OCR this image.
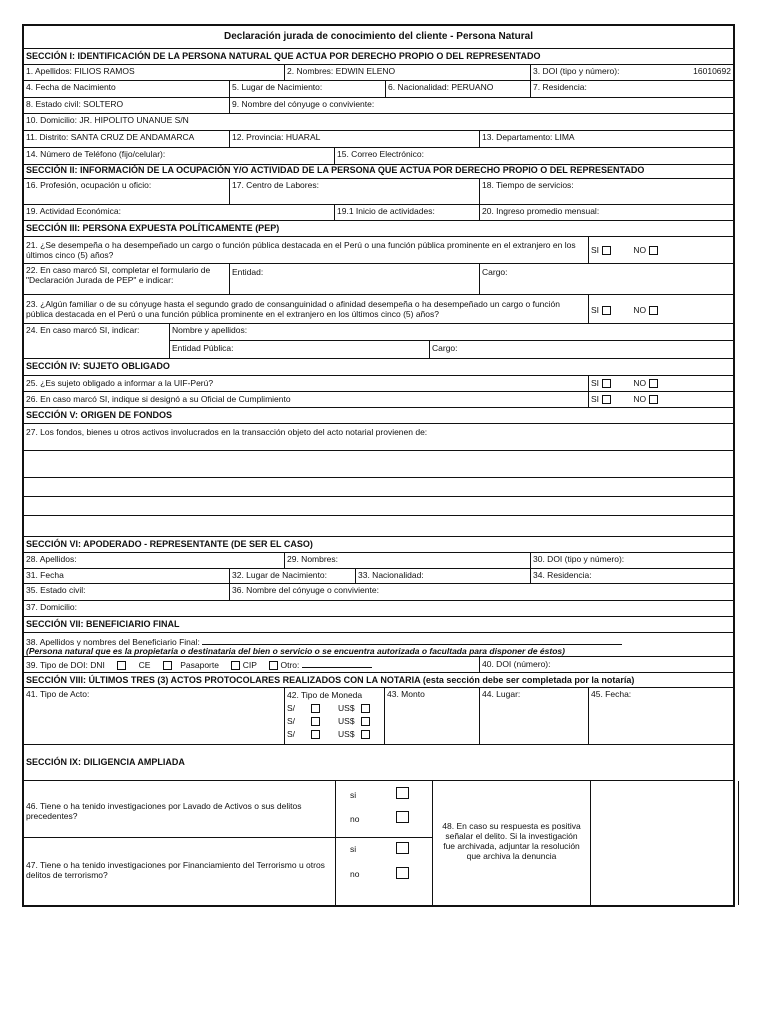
Declaración jurada de conocimiento del cliente - Persona Natural
SECCIÓN I: IDENTIFICACIÓN DE LA PERSONA NATURAL QUE ACTUA POR DERECHO PROPIO O DEL REPRESENTADO
1. Apellidos: FILIOS RAMOS	2. Nombres: EDWIN ELENO	3. DOI (tipo y número):	16010692
4. Fecha de Nacimiento	5. Lugar de Nacimiento:	6. Nacionalidad: PERUANO	7. Residencia:
8. Estado civil: SOLTERO	9. Nombre del cónyuge o conviviente:
10. Domicilio: JR. HIPOLITO UNANUE S/N
11. Distrito: SANTA CRUZ DE ANDAMARCA	12. Provincia: HUARAL	13. Departamento: LIMA
14. Número de Teléfono (fijo/celular):	15. Correo Electrónico:
SECCIÓN II: INFORMACIÓN DE LA OCUPACIÓN Y/O ACTIVIDAD DE LA PERSONA QUE ACTUA POR DERECHO PROPIO O DEL REPRESENTADO
16. Profesión, ocupación u oficio:	17. Centro de Labores:	18. Tiempo de servicios:
19. Actividad Económica:	19.1 Inicio de actividades:	20. Ingreso promedio mensual:
SECCIÓN III: PERSONA EXPUESTA POLÍTICAMENTE (PEP)
21. ¿Se desempeña o ha desempeñado un cargo o función pública destacada en el Perú o una función pública prominente en el extranjero en los últimos cinco (5) años?	SI	NO
22. En caso marcó SI, completar el formulario de "Declaración Jurada de PEP" e indicar:
Entidad:	Cargo:
23. ¿Algún familiar o de su cónyuge hasta el segundo grado de consanguinidad o afinidad desempeña o ha desempeñado un cargo o función pública destacada en el Perú o una función pública prominente en el extranjero en los últimos cinco (5) años?	SI	NO
24. En caso marcó SI, indicar:	Nombre y apellidos:
Entidad Pública:	Cargo:
SECCIÓN IV: SUJETO OBLIGADO
25. ¿Es sujeto obligado a informar a la UIF-Perú?	SI	NO
26. En caso marcó SI, indique si designó a su Oficial de Cumplimiento	SI	NO
SECCIÓN V: ORIGEN DE FONDOS
27. Los fondos, bienes u otros activos involucrados en la transacción objeto del acto notarial provienen de:
SECCIÓN VI: APODERADO - REPRESENTANTE (DE SER EL CASO)
28. Apellidos:	29. Nombres:	30. DOI (tipo y número):
31. Fecha	32. Lugar de Nacimiento:	33. Nacionalidad:	34. Residencia:
35. Estado civil:	36. Nombre del cónyuge o conviviente:
37. Domicilio:
SECCIÓN VII: BENEFICIARIO FINAL
38. Apellidos y nombres del Beneficiario Final:
(Persona natural que es la propietaria o destinataria del bien o servicio o se encuentra autorizada o facultada para disponer de éstos)
39. Tipo de DOI: DNI	CE	Pasaporte	CIP	Otro:	40. DOI (número):
SECCIÓN VIII: ÚLTIMOS TRES (3) ACTOS PROTOCOLARES REALIZADOS CON LA NOTARIA (esta sección debe ser completada por la notaría)
41. Tipo de Acto:	42. Tipo de Moneda
S/	US$
S/	US$
S/	US$
43. Monto	44. Lugar:	45. Fecha:
SECCIÓN IX: DILIGENCIA AMPLIADA
46. Tiene o ha tenido investigaciones por Lavado de Activos o sus delitos precedentes?
si
no
47. Tiene o ha tenido investigaciones por Financiamiento del Terrorismo u otros delitos de terrorismo?
si
no
48. En caso su respuesta es positiva señalar el delito. Si la investigación fue archivada, adjuntar la resolución que archiva la denuncia
